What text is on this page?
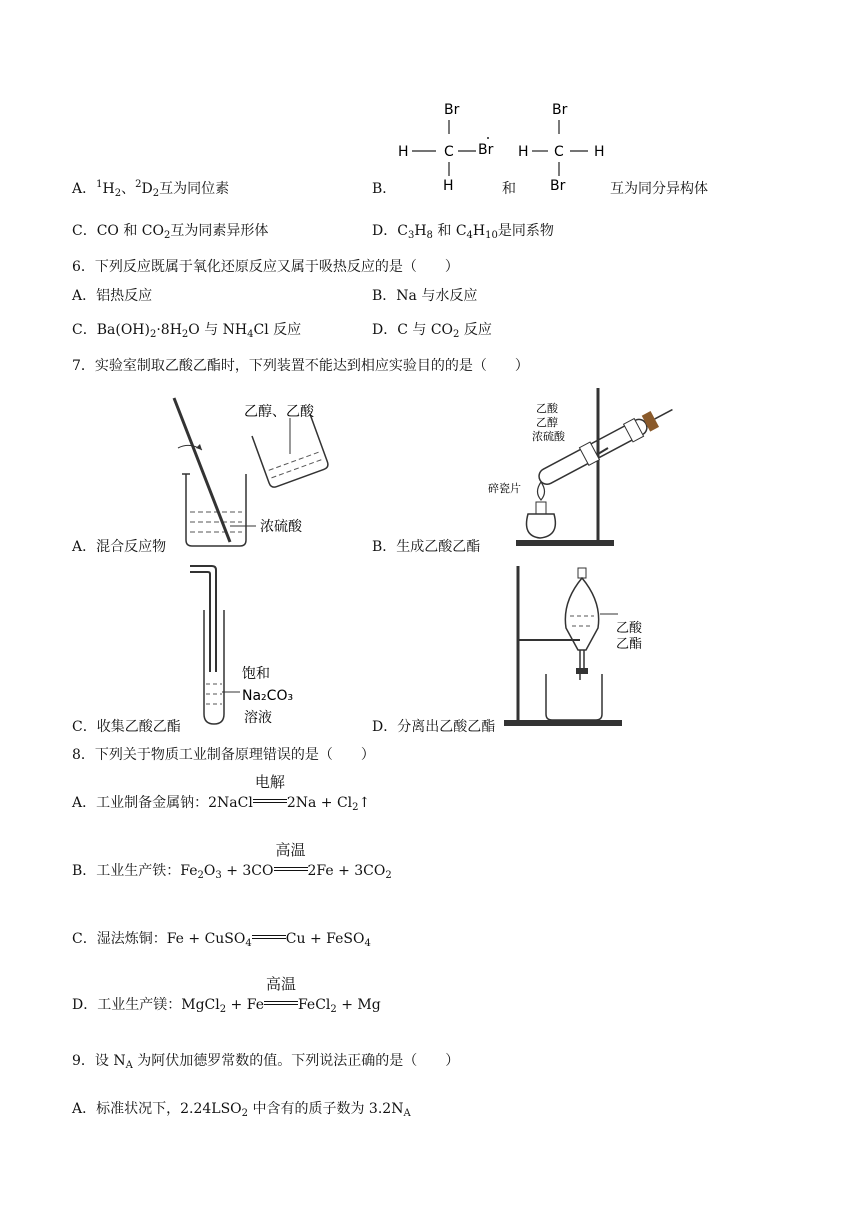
A．$^1H_2$、$^2D_2$互为同位素	B．
Br
H	C Br
H	和
Br
H C H
Br	互为同分异构体
C．CO 和 $CO_2$互为同素异形体	D．$C_3H_8$ 和 $C_4H_{10}$是同系物
6．下列反应既属于氧化还原反应又属于吸热反应的是（　　）
A．铝热反应	B．Na 与水反应
C．$Ba(OH)_2\cdot 8H_2O$ 与 $NH_4Cl$ 反应	D．C 与 $CO_2$ 反应
7．实验室制取乙酸乙酯时，下列装置不能达到相应实验目的的是（　　）
乙醇、乙酸
浓硫酸
A．混合反应物
乙酸
乙醇
浓硫酸
碎瓷片
B．生成乙酸乙酯
饱和
Na₂CO₃
溶液
C．收集乙酸乙酯
乙酸
乙酯
D．分离出乙酸乙酯
8．下列关于物质工业制备原理错误的是（　　）
A．工业制备金属钠：2NaCl
电解
$2Na + Cl_2↑$
B．工业生产铁：$Fe_2O_3 + 3CO$
高温
$2Fe + 3CO_2$
C．湿法炼铜：Fe + CuSO$_4$ Cu + FeSO$_4$
D．工业生产镁：MgCl$_2$ + Fe
高温
FeCl$_2$ + Mg
9．设 $N_A$ 为阿伏加德罗常数的值。下列说法正确的是（　　）
A．标准状况下，$2.24LSO_2$ 中含有的质子数为 $3.2N_A$
